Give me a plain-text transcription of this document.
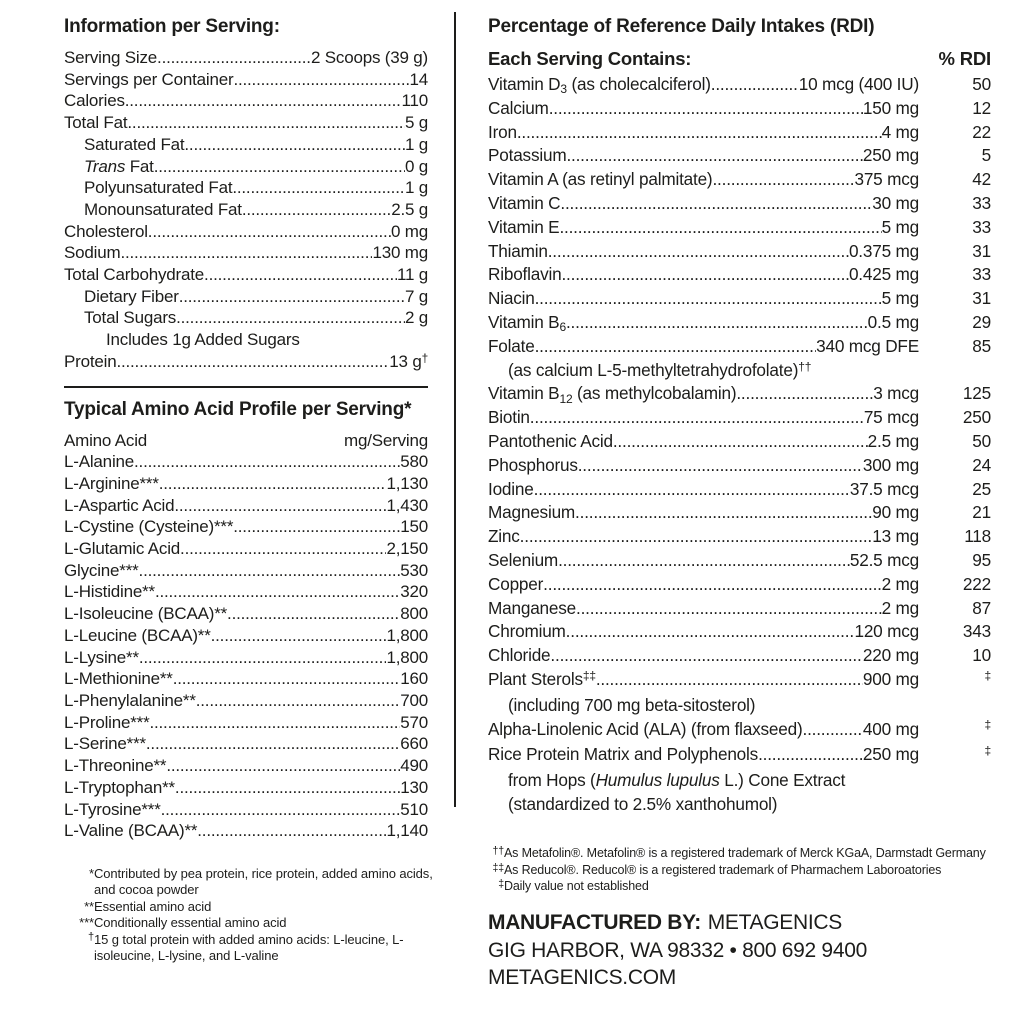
Information per Serving:
Serving Size .....	2 Scoops (39 g)
Servings per Container .....	14
Calories .....	110
Total Fat .....	5 g
Saturated Fat .....	1 g
Trans Fat .....	0 g
Polyunsaturated Fat .....	1 g
Monounsaturated Fat .....	2.5 g
Cholesterol .....	0 mg
Sodium .....	130 mg
Total Carbohydrate .....	11 g
Dietary Fiber .....	7 g
Total Sugars .....	2 g
Includes 1g Added Sugars
Protein .....	13 g†
Typical Amino Acid Profile per Serving*
Amino Acid	mg/Serving
L-Alanine .....	580
L-Arginine*** .....	1,130
L-Aspartic Acid .....	1,430
L-Cystine (Cysteine)*** .....	150
L-Glutamic Acid .....	2,150
Glycine*** .....	530
L-Histidine** .....	320
L-Isoleucine (BCAA)** .....	800
L-Leucine (BCAA)** .....	1,800
L-Lysine** .....	1,800
L-Methionine** .....	160
L-Phenylalanine** .....	700
L-Proline*** .....	570
L-Serine*** .....	660
L-Threonine** .....	490
L-Tryptophan** .....	130
L-Tyrosine*** .....	510
L-Valine (BCAA)** .....	1,140
* Contributed by pea protein, rice protein, added amino acids, and cocoa powder
** Essential amino acid
*** Conditionally essential amino acid
† 15 g total protein with added amino acids: L-leucine, L-isoleucine, L-lysine, and L-valine
Percentage of Reference Daily Intakes (RDI)
Each Serving Contains:	% RDI
Vitamin $D_3$ (as cholecalciferol) .....	10 mcg (400 IU)	50
Calcium .....	150 mg	12
Iron .....	4 mg	22
Potassium .....	250 mg	5
Vitamin A (as retinyl palmitate) .....	375 mcg	42
Vitamin C .....	30 mg	33
Vitamin E .....	5 mg	33
Thiamin .....	0.375 mg	31
Riboflavin .....	0.425 mg	33
Niacin .....	5 mg	31
Vitamin $B_6$ .....	0.5 mg	29
Folate .....	340 mcg DFE	85
(as calcium L-5-methyltetrahydrofolate)††
Vitamin $B_{12}$ (as methylcobalamin) .....	3 mcg	125
Biotin .....	75 mcg	250
Pantothenic Acid .....	2.5 mg	50
Phosphorus .....	300 mg	24
Iodine .....	37.5 mcg	25
Magnesium .....	90 mg	21
Zinc .....	13 mg	118
Selenium .....	52.5 mcg	95
Copper .....	2 mg	222
Manganese .....	2 mg	87
Chromium .....	120 mcg	343
Chloride .....	220 mg	10
Plant Sterols‡‡ .....	900 mg	‡
(including 700 mg beta-sitosterol)
Alpha-Linolenic Acid (ALA) (from flaxseed) .....	400 mg	‡
Rice Protein Matrix and Polyphenols .....	250 mg	‡
from Hops (Humulus lupulus L.) Cone Extract
(standardized to 2.5% xanthohumol)
†† As Metafolin®. Metafolin® is a registered trademark of Merck KGaA, Darmstadt Germany
‡‡ As Reducol®. Reducol® is a registered trademark of Pharmachem Laboroatories
‡ Daily value not established
MANUFACTURED BY: METAGENICS
GIG HARBOR, WA 98332 • 800 692 9400
METAGENICS.COM
